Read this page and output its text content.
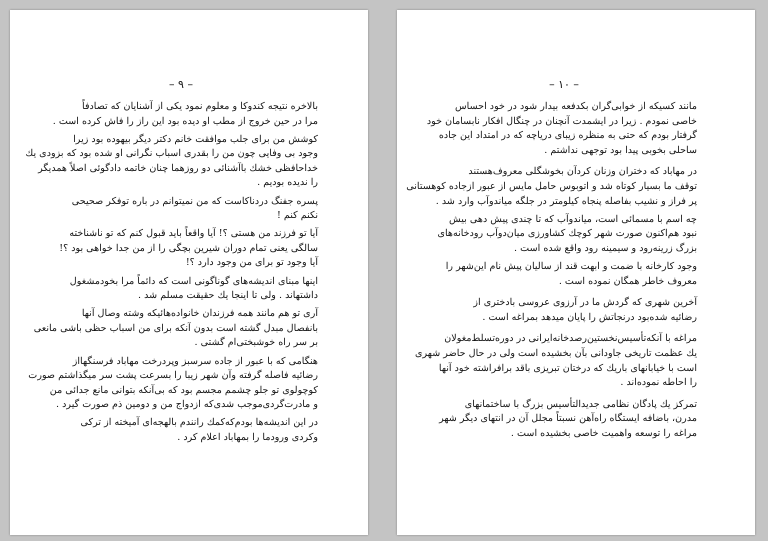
– ۹ –

بالاخره نتیجه کندوکا و معلوم نمود یکی از آشنایان که تصادفاً
مرا در حین خروج از مطب او دیده بود این راز را فاش کرده است .

کوشش من برای جلب موافقت خانم دکتر دیگر بیهوده بود زیرا
وجود بی وفایی چون من را بقدری اسباب نگرانی او شده بود که بزودی یك
خداحافظی خشك باآشنائی دو روزهما چنان خاتمه دادگوئی اصلاً همدیگر
را ندیده بودیم .

پسره جفنگ دردناکاست که من نمیتوانم در باره توفکر صحیحی
نکنم کنم !

آیا تو فرزند من هستی ؟! آیا واقعاً باید قبول کنم که تو ناشناخته
سالگی یعنی تمام دوران شیرین بچگی را از من جدا خواهی بود ؟!
آیا وجود تو برای من وجود دارد ؟!

اینها مبنای اندیشه‌های گوناگونی است که دائماً مرا بخودمشغول
داشتهاند . ولی تا اینجا یك حقیقت مسلم شد .

آری تو هم مانند همه فرزندان خانواده‌هائیکه وشته وصال آنها
بانفصال مبدل گشته است بدون آنکه برای من اسباب حظی باشی مانعی
بر سر راه خوشبختی‌ام گشتی .

هنگامی که با عبور از جاده سرسبز وپردرخت مهاباد فرسنگهااز
رضائیه فاصله گرفته وآن شهر زیبا را بسرعت پشت سر میگذاشتم صورت
کوچولوی تو جلو چشمم مجسم بود که بی‌آنکه بتوانی مانع جدائی من
و مادرت‌گردی‌موجب شدی‌که ازدواج من و دومین ذم صورت گیرد .

در این اندیشه‌ها بودم‌که‌کمك رانندم بالهجه‌ای آمیخته از ترکی
وکردی ورودما را بمهاباد اعلام کرد .

– ۱۰ –

مانند کسیکه از خوابی‌گران بکدفعه بیدار شود در خود احساس
خاصی نمودم . زیرا در ایشمدت آنچنان در چنگال افکار نابسامان خود
گرفتار بودم که حتی به منظره زیبای دریاچه که در امتداد این جاده
ساحلی بخوبی پیدا بود توجهی نداشتم .

در مهاباد که دختران وزنان کردآن بخوشگلی معروف‌هستند
توقف ما بسیار کوتاه شد و اتوبوس حامل مایس از عبور ازجاده کوهستانی
پر فراز و نشیب بفاصله پنجاه کیلومتر در جلگه میاندوآب وارد شد .

چه اسم با مسمائی است، میاندوآب که تا چندی پیش دهی بیش
نبود هم‌اکنون صورت شهر کوچك کشاورزی میان‌دوآب رودخانه‌های
بزرگ زرینه‌رود و سیمینه رود واقع شده است .

وجود کارخانه با ضمت و ابهت قند از سالیان پیش نام این‌شهر را
معروف خاطر همگان نموده است .

آخرین شهری که گردش ما در آرزوی عروسی بادختری از
رضائیه شده‌بود درنجاتش را پایان میدهد بمراغه است .

مراغه با آنکه‌تأسیس‌نخستین‌رصدخانه‌ایرانی در دوره‌تسلط‌مغولان
یك عظمت تاریخی جاودانی بآن بخشیده است ولی در حال حاضر شهری
است با خیابانهای باریك که درختان تبریزی باقد برافراشته خود آنها
را احاطه نموده‌اند .

تمرکز یك پادگان نظامی جدیدالتأسیس بزرگ با ساختمانهای
مدرن، باضافه ایستگاه راه‌آهن نسبتاً مجلل آن در انتهای دیگر شهر
مراغه را توسعه واهمیت خاصی بخشیده است .
